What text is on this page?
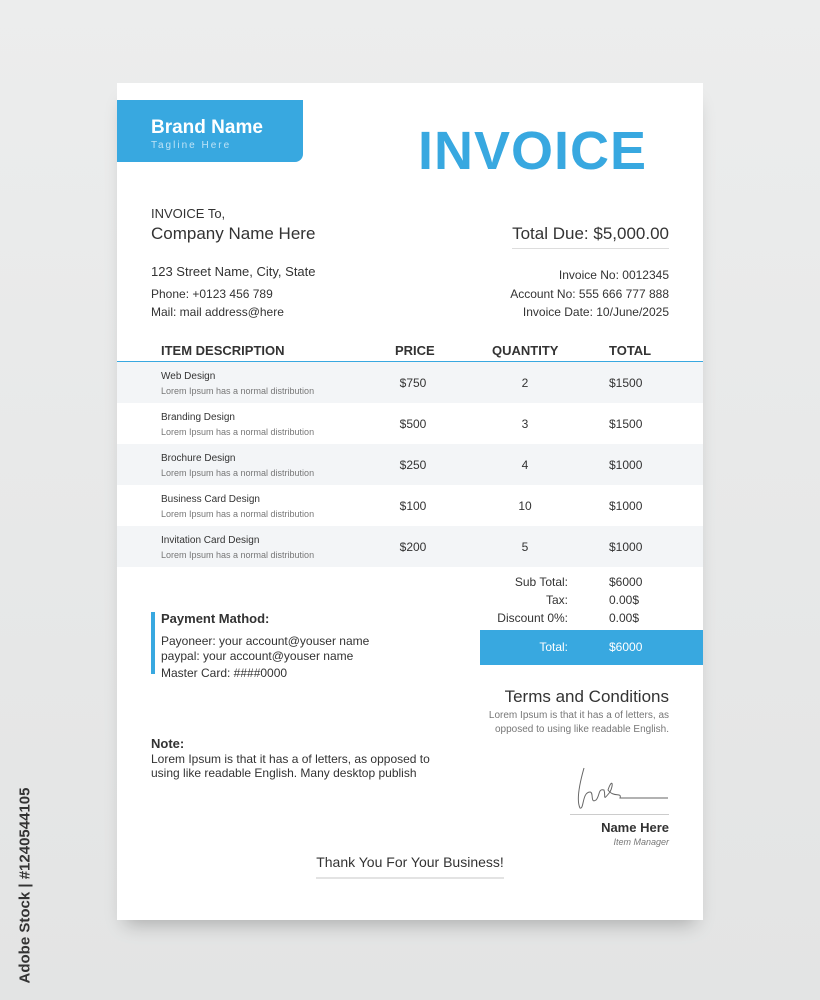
Brand Name
Tagline Here	INVOICE
INVOICE To,
Company Name Here
123 Street Name, City, State
Phone: +0123 456 789
Mail: mail address@here
Total Due: $5,000.00
Invoice No: 0012345
Account No: 555 666 777 888
Invoice Date: 10/June/2025
ITEM DESCRIPTION	PRICE	QUANTITY	TOTAL
Web Design
Lorem Ipsum has a normal distribution
$750	2	$1500
Branding Design
Lorem Ipsum has a normal distribution
$500	3	$1500
Brochure Design
Lorem Ipsum has a normal distribution
$250	4	$1000
Business Card Design
Lorem Ipsum has a normal distribution
$100	10	$1000
Invitation Card Design
Lorem Ipsum has a normal distribution
$200	5	$1000
Sub Total:	$6000
Tax:	0.00$
Discount 0%:	0.00$
Total:	$6000
Payment Mathod:
Payoneer: your account@youser name
paypal: your account@youser name
Master Card: ####0000
Terms and Conditions
Lorem Ipsum is that it has a of letters, as
opposed to using like readable English.
Note:
Lorem Ipsum is that it has a of letters, as opposed to
using like readable English. Many desktop publish
Name Here
Item Manager
Thank You For Your Business!
Adobe Stock | #1240544105
